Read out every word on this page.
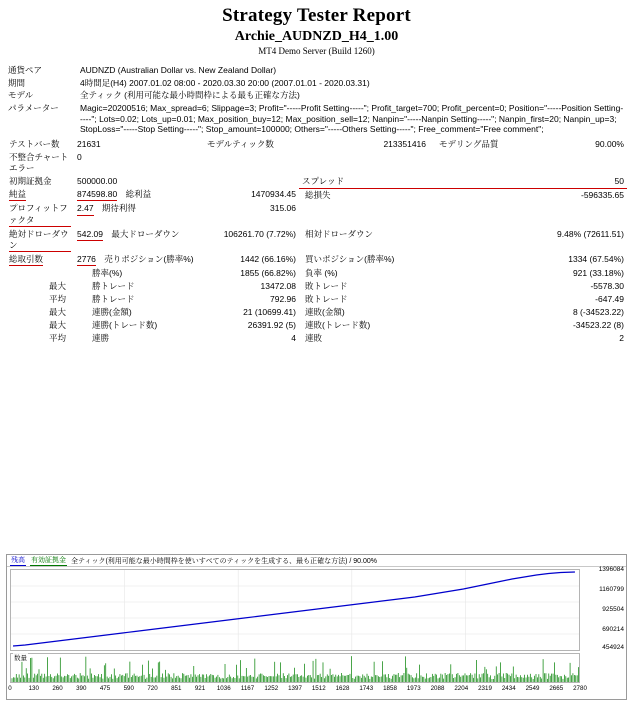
Strategy Tester Report
Archie_AUDNZD_H4_1.00
MT4 Demo Server (Build 1260)
通貨ペア	AUDNZD (Australian Dollar vs. New Zealand Dollar)
期間	4時間足(H4) 2007.01.02 08:00 - 2020.03.30 20:00 (2007.01.01 - 2020.03.31)
モデル	全ティック (利用可能な最小時間枠による最も正確な方法)
パラメーター	Magic=20200516; Max_spread=6; Slippage=3; Profit="-----Profit Setting-----"; Profit_target=700; Profit_percent=0; Position="-----Position Setting-----"; Lots=0.02; Lots_up=0.01; Max_position_buy=12; Max_position_sell=12; Nanpin="-----Nanpin Setting-----"; Nanpin_first=20; Nanpin_up=3; StopLoss="-----Stop Setting-----"; Stop_amount=100000; Others="-----Others Setting-----"; Free_comment="Free comment";
テストバー数	21631	モデルティック数	213351416	モデリング品質	90.00%
不整合チャートエラー	0				
初期証拠金	500000.00		スプレッド		50
純益	874598.80 総利益	1470934.45	総損失		-596335.65
プロフィットファクタ	2.47 期待利得	315.06			
絶対ドローダウン	542.09 最大ドローダウン	106261.70 (7.72%)	相対ドローダウン		9.48% (72611.51)
総取引数	2776 売りポジション(勝率%)	1442 (66.16%)	買いポジション(勝率%)		1334 (67.54%)
	勝率(%)	1855 (66.82%)	負率 (%)		921 (33.18%)
最大	勝トレード	13472.08	敗トレード		-5578.30
平均	勝トレード	792.96	敗トレード		-647.49
最大	連勝(金額)	21 (10699.41)	連敗(金額)		8 (-34523.22)
最大	連勝(トレード数)	26391.92 (5)	連敗(トレード数)		-34523.22 (8)
平均	連勝	4	連敗		2
残高 有効証拠金 全ティック(利用可能な最小時間枠を使いすべてのティックを生成する、最も正確な方法) / 90.00%
1396084
1160799
925504
690214
454924
数量
0	130 260 390 475 590 720 851 921 1036 1167 1252 1397 1512 1628 1743 1858 1973 2088 2204 2319 2434 2549 2665 2780
